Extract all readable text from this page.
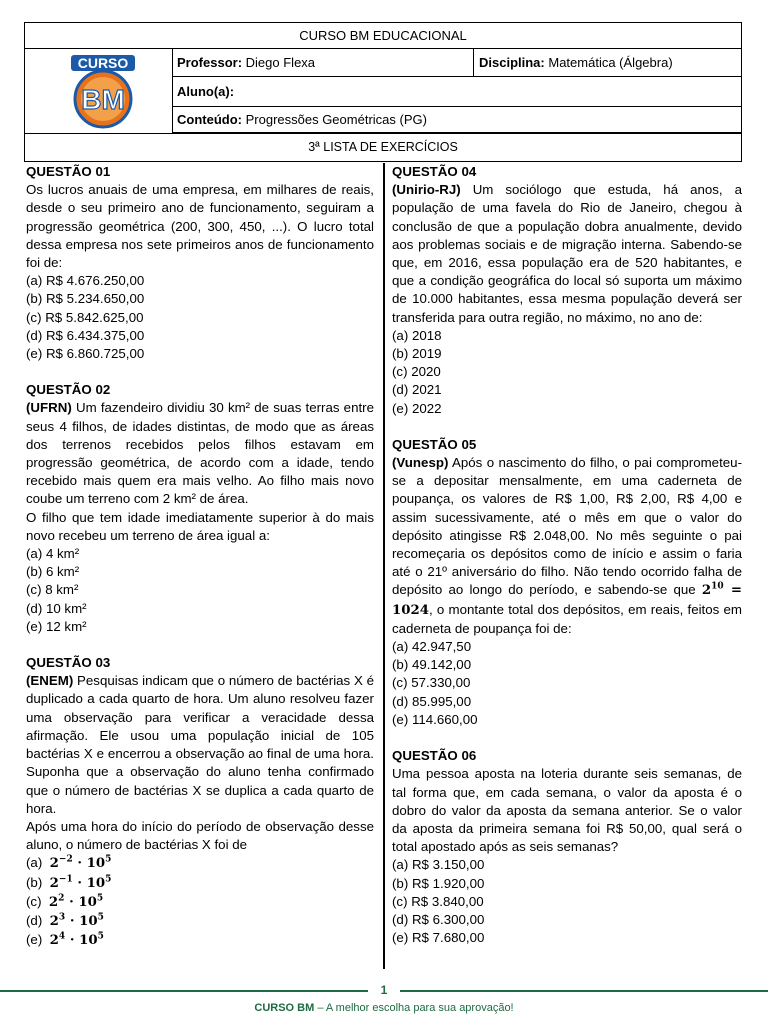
CURSO BM EDUCACIONAL
CURSO
BM
Professor: Diego Flexa	Disciplina: Matemática (Álgebra)
Aluno(a):
Conteúdo: Progressões Geométricas (PG)
3ª LISTA DE EXERCÍCIOS
QUESTÃO 01

Os lucros anuais de uma empresa, em milhares de reais, desde o seu primeiro ano de funcionamento, seguiram a progressão geométrica (200, 300, 450, ...). O lucro total dessa empresa nos sete primeiros anos de funcionamento foi de:

(a) R$ 4.676.250,00
(b) R$ 5.234.650,00
(c) R$ 5.842.625,00
(d) R$ 6.434.375,00
(e) R$ 6.860.725,00
QUESTÃO 02

(UFRN) Um fazendeiro dividiu 30 km² de suas terras entre seus 4 filhos, de idades distintas, de modo que as áreas dos terrenos recebidos pelos filhos estavam em progressão geométrica, de acordo com a idade, tendo recebido mais quem era mais velho. Ao filho mais novo coube um terreno com 2 km² de área.

O filho que tem idade imediatamente superior à do mais novo recebeu um terreno de área igual a:

(a) 4 km²
(b) 6 km²
(c) 8 km²
(d) 10 km²
(e) 12 km²
QUESTÃO 03

(ENEM) Pesquisas indicam que o número de bactérias X é duplicado a cada quarto de hora. Um aluno resolveu fazer uma observação para verificar a veracidade dessa afirmação. Ele usou uma população inicial de 105 bactérias X e encerrou a observação ao final de uma hora. Suponha que a observação do aluno tenha confirmado que o número de bactérias X se duplica a cada quarto de hora.

Após uma hora do início do período de observação desse aluno, o número de bactérias X foi de

(a) $2^{-2} \cdot 10^5$
(b) $2^{-1} \cdot 10^5$
(c) $2^2 \cdot 10^5$
(d) $2^3 \cdot 10^5$
(e) $2^4 \cdot 10^5$
QUESTÃO 04

(Unirio-RJ) Um sociólogo que estuda, há anos, a população de uma favela do Rio de Janeiro, chegou à conclusão de que a população dobra anualmente, devido aos problemas sociais e de migração interna. Sabendo-se que, em 2016, essa população era de 520 habitantes, e que a condição geográfica do local só suporta um máximo de 10.000 habitantes, essa mesma população deverá ser transferida para outra região, no máximo, no ano de:

(a) 2018
(b) 2019
(c) 2020
(d) 2021
(e) 2022
QUESTÃO 05

(Vunesp) Após o nascimento do filho, o pai comprometeu-se a depositar mensalmente, em uma caderneta de poupança, os valores de R$ 1,00, R$ 2,00, R$ 4,00 e assim sucessivamente, até o mês em que o valor do depósito atingisse R$ 2.048,00. No mês seguinte o pai recomeçaria os depósitos como de início e assim o faria até o 21º aniversário do filho. Não tendo ocorrido falha de depósito ao longo do período, e sabendo-se que $2^{10} = 1024$, o montante total dos depósitos, em reais, feitos em caderneta de poupança foi de:

(a) 42.947,50
(b) 49.142,00
(c) 57.330,00
(d) 85.995,00
(e) 114.660,00
QUESTÃO 06

Uma pessoa aposta na loteria durante seis semanas, de tal forma que, em cada semana, o valor da aposta é o dobro do valor da aposta da semana anterior. Se o valor da aposta da primeira semana foi R$ 50,00, qual será o total apostado após as seis semanas?

(a) R$ 3.150,00
(b) R$ 1.920,00
(c) R$ 3.840,00
(d) R$ 6.300,00
(e) R$ 7.680,00
1
CURSO BM – A melhor escolha para sua aprovação!
